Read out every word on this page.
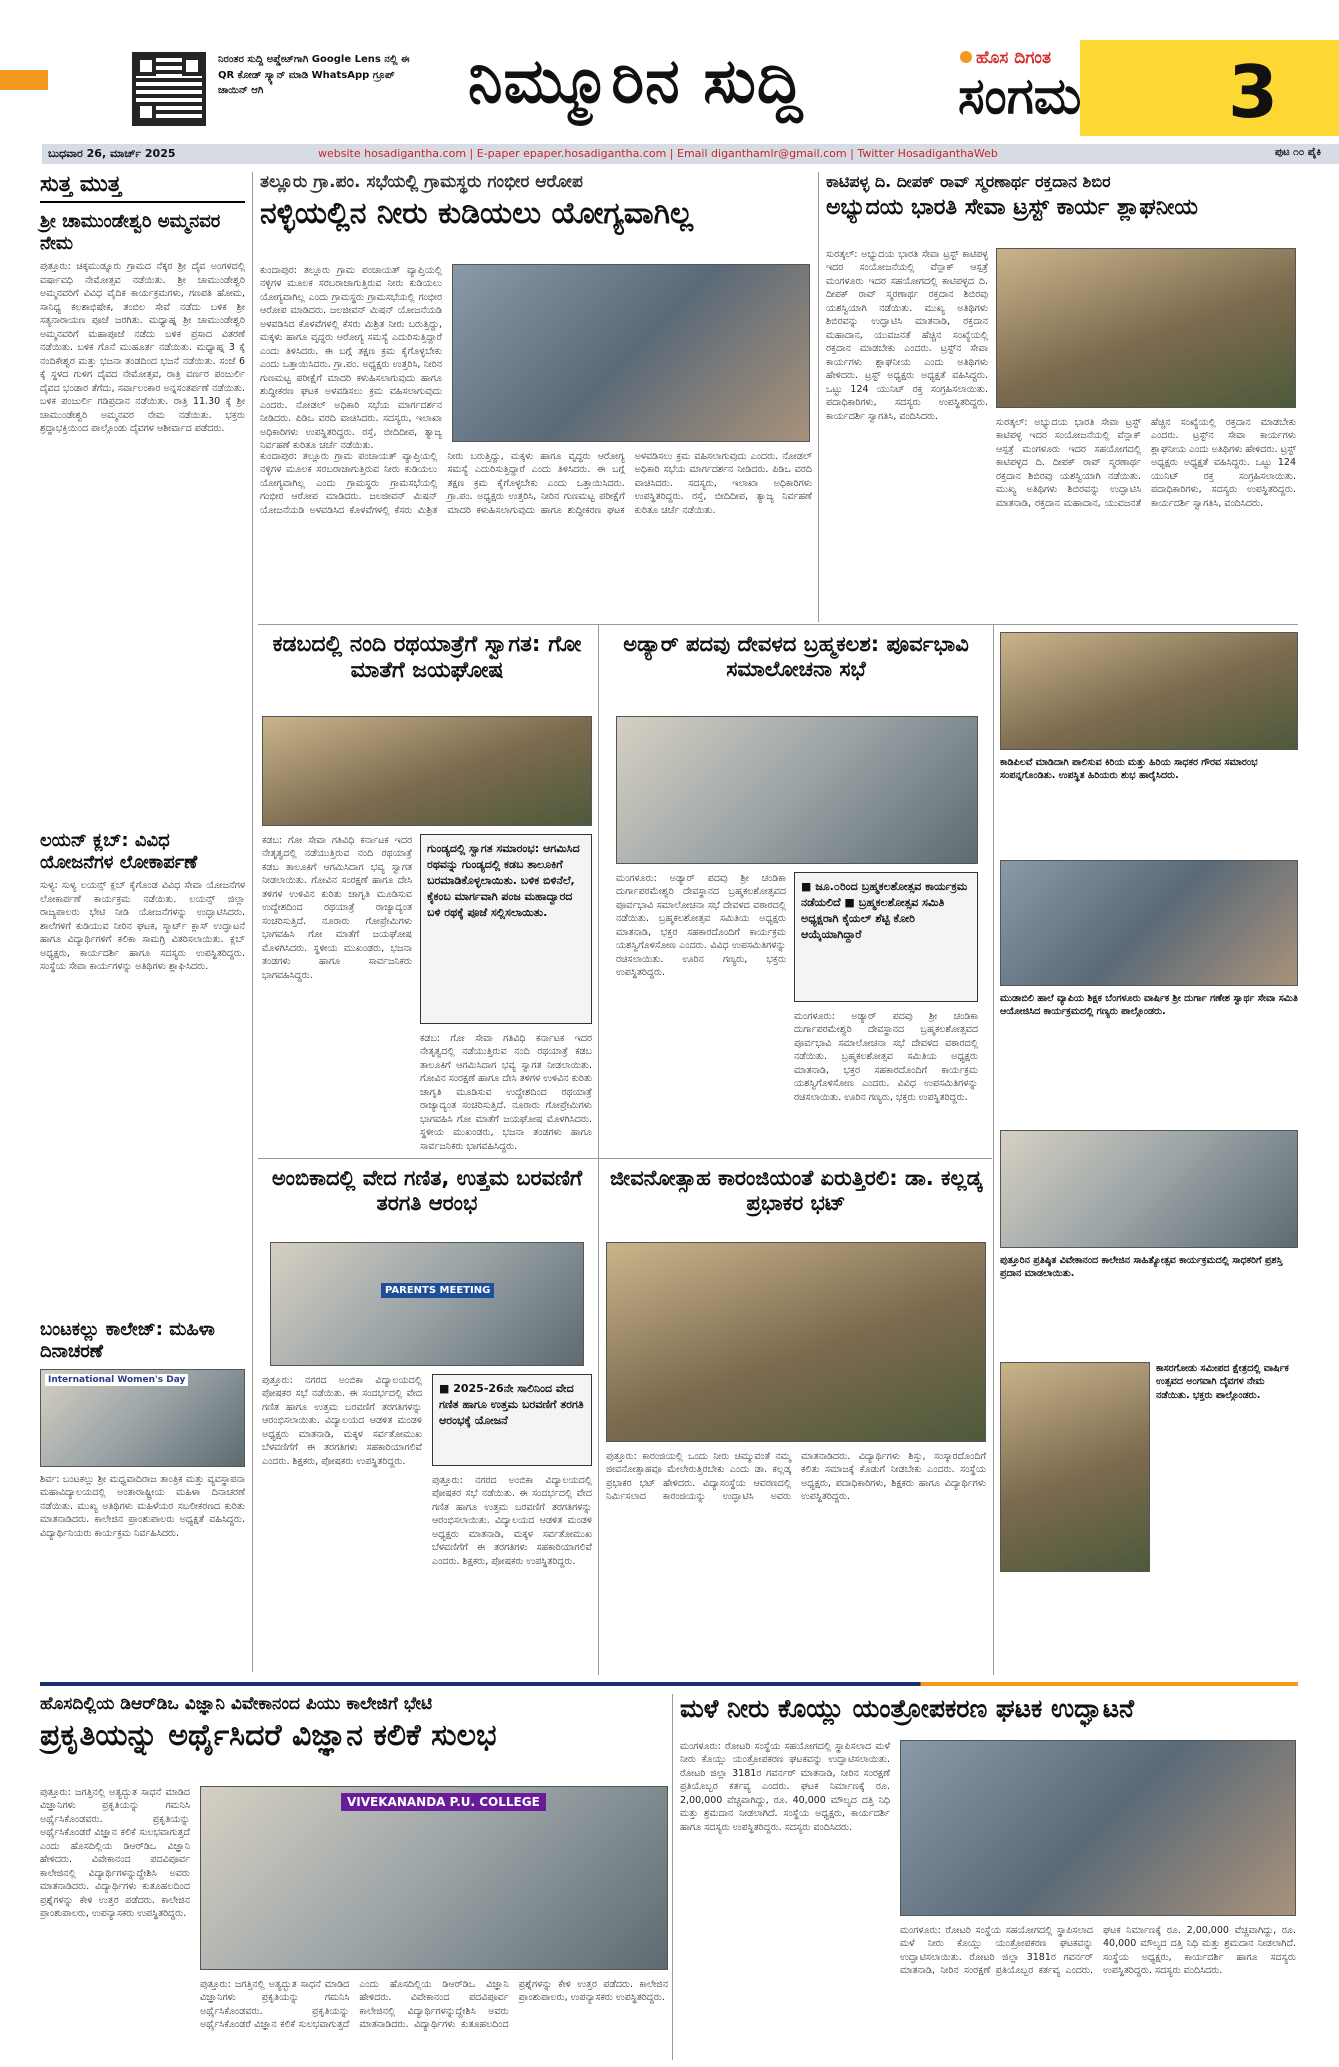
ನಿರಂತರ ಸುದ್ದಿ ಅಪ್ಡೇಟ್‌ಗಾಗಿ Google Lens ನಲ್ಲಿ ಈ QR ಕೋಡ್ ಸ್ಕ್ಯಾನ್ ಮಾಡಿ WhatsApp ಗ್ರೂಪ್ ಜಾಯಿನ್ ಆಗಿ	ನಿಮ್ಮೂರಿನ ಸುದ್ದಿ	ಹೊಸ ದಿಗಂತ
ಸಂಗಮ 3
ಬುಧವಾರ 26, ಮಾರ್ಚ್ 2025	website hosadigantha.com | E-paper epaper.hosadigantha.com | Email diganthamlr@gmail.com | Twitter HosadiganthaWeb	ಪುಟ ೧೦ ಪೈಕಿ
ಸುತ್ತ ಮುತ್ತ
ಶ್ರೀ ಚಾಮುಂಡೇಶ್ವರಿ ಅಮ್ಮನವರ ನೇಮ
ಪುತ್ತೂರು: ಚಿಕ್ಕಮುಡ್ನೂರು ಗ್ರಾಮದ ನೆಕ್ಕರ ಶ್ರೀ ದೈವ ಅಂಗಳದಲ್ಲಿ ವರ್ಷಾವಧಿ ನೇಮೋತ್ಸವ ನಡೆಯಿತು. ಶ್ರೀ ಚಾಮುಂಡೇಶ್ವರಿ ಅಮ್ಮನವರಿಗೆ ವಿವಿಧ ವೈದಿಕ ಕಾರ್ಯಕ್ರಮಗಳು, ಗಣಪತಿ ಹೋಮ, ಸಾನಿಧ್ಯ ಕಲಶಾಭಿಷೇಕ, ತಂಬಿಲ ಸೇವೆ ನಡೆದು ಬಳಿಕ ಶ್ರೀ ಸತ್ಯನಾರಾಯಣ ಪೂಜೆ ಜರಗಿತು. ಮಧ್ಯಾಹ್ನ ಶ್ರೀ ಚಾಮುಂಡೇಶ್ವರಿ ಅಮ್ಮನವರಿಗೆ ಮಹಾಪೂಜೆ ನಡೆದು ಬಳಿಕ ಪ್ರಸಾದ ವಿತರಣೆ ನಡೆಯಿತು. ಬಳಿಕ ಗೊನೆ ಮುಹೂರ್ತ ನಡೆಯಿತು. ಮಧ್ಯಾಹ್ನ 3 ಕ್ಕೆ ನಂದಿಕೇಶ್ವರ ಮತ್ತು ಭಜನಾ ತಂಡದಿಂದ ಭಜನೆ ನಡೆಯಿತು. ಸಂಜೆ 6 ಕ್ಕೆ ಸ್ಥಳದ ಗುಳಿಗ ದೈವದ ನೇಮೋತ್ಸವ, ರಾತ್ರಿ ವರ್ಣರ ಪಂಜುರ್ಲಿ ದೈವದ ಭಂಡಾರ ತೆಗೆದು, ಸರ್ವಾಲಂಕಾರ ಅನ್ನಸಂತರ್ಪಣೆ ನಡೆಯಿತು. ಬಳಿಕ ಪಂಜುರ್ಲಿ ಗಡಿಪ್ರದಾನ ನಡೆಯಿತು. ರಾತ್ರಿ 11.30 ಕ್ಕೆ ಶ್ರೀ ಚಾಮುಂಡೇಶ್ವರಿ ಅಮ್ಮನವರ ನೇಮ ನಡೆಯಿತು. ಭಕ್ತರು ಶ್ರದ್ಧಾಭಕ್ತಿಯಿಂದ ಪಾಲ್ಗೊಂಡು ದೈವಗಳ ಆಶೀರ್ವಾದ ಪಡೆದರು.
ಲಯನ್ ಕ್ಲಬ್: ವಿವಿಧ ಯೋಜನೆಗಳ ಲೋಕಾರ್ಪಣೆ
ಸುಳ್ಯ: ಸುಳ್ಯ ಲಯನ್ಸ್ ಕ್ಲಬ್ ಕೈಗೊಂಡ ವಿವಿಧ ಸೇವಾ ಯೋಜನೆಗಳ ಲೋಕಾರ್ಪಣೆ ಕಾರ್ಯಕ್ರಮ ನಡೆಯಿತು. ಲಯನ್ಸ್ ಜಿಲ್ಲಾ ರಾಜ್ಯಪಾಲರು ಭೇಟಿ ನೀಡಿ ಯೋಜನೆಗಳನ್ನು ಉದ್ಘಾಟಿಸಿದರು. ಶಾಲೆಗಳಿಗೆ ಕುಡಿಯುವ ನೀರಿನ ಘಟಕ, ಸ್ಮಾರ್ಟ್ ಕ್ಲಾಸ್ ಉದ್ಘಾಟನೆ ಹಾಗೂ ವಿದ್ಯಾರ್ಥಿಗಳಿಗೆ ಕಲಿಕಾ ಸಾಮಗ್ರಿ ವಿತರಿಸಲಾಯಿತು. ಕ್ಲಬ್ ಅಧ್ಯಕ್ಷರು, ಕಾರ್ಯದರ್ಶಿ ಹಾಗೂ ಸದಸ್ಯರು ಉಪಸ್ಥಿತರಿದ್ದರು. ಸಂಸ್ಥೆಯ ಸೇವಾ ಕಾರ್ಯಗಳನ್ನು ಅತಿಥಿಗಳು ಶ್ಲಾಘಿಸಿದರು.
ಬಂಟಕಲ್ಲು ಕಾಲೇಜ್: ಮಹಿಳಾ ದಿನಾಚರಣೆ
International Women's Day
ಶಿರ್ವ: ಬಂಟಕಲ್ಲು ಶ್ರೀ ಮಧ್ವವಾದಿರಾಜ ತಾಂತ್ರಿಕ ಮತ್ತು ವ್ಯವಸ್ಥಾಪನಾ ಮಹಾವಿದ್ಯಾಲಯದಲ್ಲಿ ಅಂತಾರಾಷ್ಟ್ರೀಯ ಮಹಿಳಾ ದಿನಾಚರಣೆ ನಡೆಯಿತು. ಮುಖ್ಯ ಅತಿಥಿಗಳು ಮಹಿಳೆಯರ ಸಬಲೀಕರಣದ ಕುರಿತು ಮಾತನಾಡಿದರು. ಕಾಲೇಜಿನ ಪ್ರಾಂಶುಪಾಲರು ಅಧ್ಯಕ್ಷತೆ ವಹಿಸಿದ್ದರು. ವಿದ್ಯಾರ್ಥಿನಿಯರು ಕಾರ್ಯಕ್ರಮ ನಿರ್ವಹಿಸಿದರು.
ತಲ್ಲೂರು ಗ್ರಾ.ಪಂ. ಸಭೆಯಲ್ಲಿ ಗ್ರಾಮಸ್ಥರು ಗಂಭೀರ ಆರೋಪ
ನಳ್ಳಿಯಲ್ಲಿನ ನೀರು ಕುಡಿಯಲು ಯೋಗ್ಯವಾಗಿಲ್ಲ
ಕುಂದಾಪುರ: ತಲ್ಲೂರು ಗ್ರಾಮ ಪಂಚಾಯತ್ ವ್ಯಾಪ್ತಿಯಲ್ಲಿ ನಳ್ಳಿಗಳ ಮೂಲಕ ಸರಬರಾಜಾಗುತ್ತಿರುವ ನೀರು ಕುಡಿಯಲು ಯೋಗ್ಯವಾಗಿಲ್ಲ ಎಂದು ಗ್ರಾಮಸ್ಥರು ಗ್ರಾಮಸಭೆಯಲ್ಲಿ ಗಂಭೀರ ಆರೋಪ ಮಾಡಿದರು. ಜಲಜೀವನ್ ಮಿಷನ್ ಯೋಜನೆಯಡಿ ಅಳವಡಿಸಿದ ಕೊಳವೆಗಳಲ್ಲಿ ಕೆಸರು ಮಿಶ್ರಿತ ನೀರು ಬರುತ್ತಿದ್ದು, ಮಕ್ಕಳು ಹಾಗೂ ವೃದ್ಧರು ಆರೋಗ್ಯ ಸಮಸ್ಯೆ ಎದುರಿಸುತ್ತಿದ್ದಾರೆ ಎಂದು ತಿಳಿಸಿದರು. ಈ ಬಗ್ಗೆ ತಕ್ಷಣ ಕ್ರಮ ಕೈಗೊಳ್ಳಬೇಕು ಎಂದು ಒತ್ತಾಯಿಸಿದರು. ಗ್ರಾ.ಪಂ. ಅಧ್ಯಕ್ಷರು ಉತ್ತರಿಸಿ, ನೀರಿನ ಗುಣಮಟ್ಟ ಪರೀಕ್ಷೆಗೆ ಮಾದರಿ ಕಳುಹಿಸಲಾಗುವುದು ಹಾಗೂ ಶುದ್ಧೀಕರಣ ಘಟಕ ಅಳವಡಿಸಲು ಕ್ರಮ ವಹಿಸಲಾಗುವುದು ಎಂದರು. ನೋಡಲ್ ಅಧಿಕಾರಿ ಸಭೆಯ ಮಾರ್ಗದರ್ಶನ ನೀಡಿದರು. ಪಿಡಿಒ ವರದಿ ವಾಚಿಸಿದರು. ಸದಸ್ಯರು, ಇಲಾಖಾ ಅಧಿಕಾರಿಗಳು ಉಪಸ್ಥಿತರಿದ್ದರು. ರಸ್ತೆ, ಬೀದಿದೀಪ, ತ್ಯಾಜ್ಯ ನಿರ್ವಹಣೆ ಕುರಿತೂ ಚರ್ಚೆ ನಡೆಯಿತು.
ಕುಂದಾಪುರ: ತಲ್ಲೂರು ಗ್ರಾಮ ಪಂಚಾಯತ್ ವ್ಯಾಪ್ತಿಯಲ್ಲಿ ನಳ್ಳಿಗಳ ಮೂಲಕ ಸರಬರಾಜಾಗುತ್ತಿರುವ ನೀರು ಕುಡಿಯಲು ಯೋಗ್ಯವಾಗಿಲ್ಲ ಎಂದು ಗ್ರಾಮಸ್ಥರು ಗ್ರಾಮಸಭೆಯಲ್ಲಿ ಗಂಭೀರ ಆರೋಪ ಮಾಡಿದರು. ಜಲಜೀವನ್ ಮಿಷನ್ ಯೋಜನೆಯಡಿ ಅಳವಡಿಸಿದ ಕೊಳವೆಗಳಲ್ಲಿ ಕೆಸರು ಮಿಶ್ರಿತ ನೀರು ಬರುತ್ತಿದ್ದು, ಮಕ್ಕಳು ಹಾಗೂ ವೃದ್ಧರು ಆರೋಗ್ಯ ಸಮಸ್ಯೆ ಎದುರಿಸುತ್ತಿದ್ದಾರೆ ಎಂದು ತಿಳಿಸಿದರು. ಈ ಬಗ್ಗೆ ತಕ್ಷಣ ಕ್ರಮ ಕೈಗೊಳ್ಳಬೇಕು ಎಂದು ಒತ್ತಾಯಿಸಿದರು. ಗ್ರಾ.ಪಂ. ಅಧ್ಯಕ್ಷರು ಉತ್ತರಿಸಿ, ನೀರಿನ ಗುಣಮಟ್ಟ ಪರೀಕ್ಷೆಗೆ ಮಾದರಿ ಕಳುಹಿಸಲಾಗುವುದು ಹಾಗೂ ಶುದ್ಧೀಕರಣ ಘಟಕ ಅಳವಡಿಸಲು ಕ್ರಮ ವಹಿಸಲಾಗುವುದು ಎಂದರು. ನೋಡಲ್ ಅಧಿಕಾರಿ ಸಭೆಯ ಮಾರ್ಗದರ್ಶನ ನೀಡಿದರು. ಪಿಡಿಒ ವರದಿ ವಾಚಿಸಿದರು. ಸದಸ್ಯರು, ಇಲಾಖಾ ಅಧಿಕಾರಿಗಳು ಉಪಸ್ಥಿತರಿದ್ದರು. ರಸ್ತೆ, ಬೀದಿದೀಪ, ತ್ಯಾಜ್ಯ ನಿರ್ವಹಣೆ ಕುರಿತೂ ಚರ್ಚೆ ನಡೆಯಿತು.
ಕಾಟಿಪಳ್ಳ ದಿ. ದೀಪಕ್ ರಾವ್ ಸ್ಮರಣಾರ್ಥ ರಕ್ತದಾನ ಶಿಬಿರ
ಅಭ್ಯುದಯ ಭಾರತಿ ಸೇವಾ ಟ್ರಸ್ಟ್ ಕಾರ್ಯ ಶ್ಲಾಘನೀಯ
ಸುರತ್ಕಲ್: ಅಭ್ಯುದಯ ಭಾರತಿ ಸೇವಾ ಟ್ರಸ್ಟ್ ಕಾಟಿಪಳ್ಳ ಇದರ ಸಂಯೋಜನೆಯಲ್ಲಿ ವೆನ್ಲಾಕ್ ಆಸ್ಪತ್ರೆ ಮಂಗಳೂರು ಇದರ ಸಹಯೋಗದಲ್ಲಿ ಕಾಟಿಪಳ್ಳದ ದಿ. ದೀಪಕ್ ರಾವ್ ಸ್ಮರಣಾರ್ಥ ರಕ್ತದಾನ ಶಿಬಿರವು ಯಶಸ್ವಿಯಾಗಿ ನಡೆಯಿತು. ಮುಖ್ಯ ಅತಿಥಿಗಳು ಶಿಬಿರವನ್ನು ಉದ್ಘಾಟಿಸಿ ಮಾತನಾಡಿ, ರಕ್ತದಾನ ಮಹಾದಾನ, ಯುವಜನತೆ ಹೆಚ್ಚಿನ ಸಂಖ್ಯೆಯಲ್ಲಿ ರಕ್ತದಾನ ಮಾಡಬೇಕು ಎಂದರು. ಟ್ರಸ್ಟ್‌ನ ಸೇವಾ ಕಾರ್ಯಗಳು ಶ್ಲಾಘನೀಯ ಎಂದು ಅತಿಥಿಗಳು ಹೇಳಿದರು. ಟ್ರಸ್ಟ್ ಅಧ್ಯಕ್ಷರು ಅಧ್ಯಕ್ಷತೆ ವಹಿಸಿದ್ದರು. ಒಟ್ಟು 124 ಯುನಿಟ್ ರಕ್ತ ಸಂಗ್ರಹಿಸಲಾಯಿತು. ಪದಾಧಿಕಾರಿಗಳು, ಸದಸ್ಯರು ಉಪಸ್ಥಿತರಿದ್ದರು. ಕಾರ್ಯದರ್ಶಿ ಸ್ವಾಗತಿಸಿ, ವಂದಿಸಿದರು.
ಸುರತ್ಕಲ್: ಅಭ್ಯುದಯ ಭಾರತಿ ಸೇವಾ ಟ್ರಸ್ಟ್ ಕಾಟಿಪಳ್ಳ ಇದರ ಸಂಯೋಜನೆಯಲ್ಲಿ ವೆನ್ಲಾಕ್ ಆಸ್ಪತ್ರೆ ಮಂಗಳೂರು ಇದರ ಸಹಯೋಗದಲ್ಲಿ ಕಾಟಿಪಳ್ಳದ ದಿ. ದೀಪಕ್ ರಾವ್ ಸ್ಮರಣಾರ್ಥ ರಕ್ತದಾನ ಶಿಬಿರವು ಯಶಸ್ವಿಯಾಗಿ ನಡೆಯಿತು. ಮುಖ್ಯ ಅತಿಥಿಗಳು ಶಿಬಿರವನ್ನು ಉದ್ಘಾಟಿಸಿ ಮಾತನಾಡಿ, ರಕ್ತದಾನ ಮಹಾದಾನ, ಯುವಜನತೆ ಹೆಚ್ಚಿನ ಸಂಖ್ಯೆಯಲ್ಲಿ ರಕ್ತದಾನ ಮಾಡಬೇಕು ಎಂದರು. ಟ್ರಸ್ಟ್‌ನ ಸೇವಾ ಕಾರ್ಯಗಳು ಶ್ಲಾಘನೀಯ ಎಂದು ಅತಿಥಿಗಳು ಹೇಳಿದರು. ಟ್ರಸ್ಟ್ ಅಧ್ಯಕ್ಷರು ಅಧ್ಯಕ್ಷತೆ ವಹಿಸಿದ್ದರು. ಒಟ್ಟು 124 ಯುನಿಟ್ ರಕ್ತ ಸಂಗ್ರಹಿಸಲಾಯಿತು. ಪದಾಧಿಕಾರಿಗಳು, ಸದಸ್ಯರು ಉಪಸ್ಥಿತರಿದ್ದರು. ಕಾರ್ಯದರ್ಶಿ ಸ್ವಾಗತಿಸಿ, ವಂದಿಸಿದರು.
ಕಡಬದಲ್ಲಿ ನಂದಿ ರಥಯಾತ್ರೆಗೆ ಸ್ವಾಗತ: ಗೋ ಮಾತೆಗೆ ಜಯಘೋಷ
ಕಡಬ: ಗೋ ಸೇವಾ ಗತಿವಿಧಿ ಕರ್ನಾಟಕ ಇದರ ನೇತೃತ್ವದಲ್ಲಿ ನಡೆಯುತ್ತಿರುವ ನಂದಿ ರಥಯಾತ್ರೆ ಕಡಬ ತಾಲೂಕಿಗೆ ಆಗಮಿಸಿದಾಗ ಭವ್ಯ ಸ್ವಾಗತ ನೀಡಲಾಯಿತು. ಗೋವಿನ ಸಂರಕ್ಷಣೆ ಹಾಗೂ ದೇಸಿ ತಳಿಗಳ ಉಳಿವಿನ ಕುರಿತು ಜಾಗೃತಿ ಮೂಡಿಸುವ ಉದ್ದೇಶದಿಂದ ರಥಯಾತ್ರೆ ರಾಜ್ಯಾದ್ಯಂತ ಸಂಚರಿಸುತ್ತಿದೆ. ನೂರಾರು ಗೋಪ್ರೇಮಿಗಳು ಭಾಗವಹಿಸಿ ಗೋ ಮಾತೆಗೆ ಜಯಘೋಷ ಮೊಳಗಿಸಿದರು. ಸ್ಥಳೀಯ ಮುಖಂಡರು, ಭಜನಾ ತಂಡಗಳು ಹಾಗೂ ಸಾರ್ವಜನಿಕರು ಭಾಗವಹಿಸಿದ್ದರು.
ಗುಂಡ್ಯದಲ್ಲಿ ಸ್ವಾಗತ ಸಮಾರಂಭ: ಆಗಮಿಸಿದ ರಥವನ್ನು ಗುಂಡ್ಯದಲ್ಲಿ ಕಡಬ ತಾಲೂಕಿಗೆ ಬರಮಾಡಿಕೊಳ್ಳಲಾಯಿತು. ಬಳಿಕ ಬಿಳಿನೆಲೆ, ಕೈಕಂಬ ಮಾರ್ಗವಾಗಿ ಪಂಜ ಮಹಾದ್ವಾರದ ಬಳಿ ರಥಕ್ಕೆ ಪೂಜೆ ಸಲ್ಲಿಸಲಾಯಿತು.
ಕಡಬ: ಗೋ ಸೇವಾ ಗತಿವಿಧಿ ಕರ್ನಾಟಕ ಇದರ ನೇತೃತ್ವದಲ್ಲಿ ನಡೆಯುತ್ತಿರುವ ನಂದಿ ರಥಯಾತ್ರೆ ಕಡಬ ತಾಲೂಕಿಗೆ ಆಗಮಿಸಿದಾಗ ಭವ್ಯ ಸ್ವಾಗತ ನೀಡಲಾಯಿತು. ಗೋವಿನ ಸಂರಕ್ಷಣೆ ಹಾಗೂ ದೇಸಿ ತಳಿಗಳ ಉಳಿವಿನ ಕುರಿತು ಜಾಗೃತಿ ಮೂಡಿಸುವ ಉದ್ದೇಶದಿಂದ ರಥಯಾತ್ರೆ ರಾಜ್ಯಾದ್ಯಂತ ಸಂಚರಿಸುತ್ತಿದೆ. ನೂರಾರು ಗೋಪ್ರೇಮಿಗಳು ಭಾಗವಹಿಸಿ ಗೋ ಮಾತೆಗೆ ಜಯಘೋಷ ಮೊಳಗಿಸಿದರು. ಸ್ಥಳೀಯ ಮುಖಂಡರು, ಭಜನಾ ತಂಡಗಳು ಹಾಗೂ ಸಾರ್ವಜನಿಕರು ಭಾಗವಹಿಸಿದ್ದರು.
ಅಡ್ಯಾರ್ ಪದವು ದೇವಳದ ಬ್ರಹ್ಮಕಲಶ: ಪೂರ್ವಭಾವಿ ಸಮಾಲೋಚನಾ ಸಭೆ
ಮಂಗಳೂರು: ಅಡ್ಯಾರ್ ಪದವು ಶ್ರೀ ಚಂಡಿಕಾ ದುರ್ಗಾಪರಮೇಶ್ವರಿ ದೇವಸ್ಥಾನದ ಬ್ರಹ್ಮಕಲಶೋತ್ಸವದ ಪೂರ್ವಭಾವಿ ಸಮಾಲೋಚನಾ ಸಭೆ ದೇವಳದ ವಠಾರದಲ್ಲಿ ನಡೆಯಿತು. ಬ್ರಹ್ಮಕಲಶೋತ್ಸವ ಸಮಿತಿಯ ಅಧ್ಯಕ್ಷರು ಮಾತನಾಡಿ, ಭಕ್ತರ ಸಹಕಾರದೊಂದಿಗೆ ಕಾರ್ಯಕ್ರಮ ಯಶಸ್ವಿಗೊಳಿಸೋಣ ಎಂದರು. ವಿವಿಧ ಉಪಸಮಿತಿಗಳನ್ನು ರಚಿಸಲಾಯಿತು. ಊರಿನ ಗಣ್ಯರು, ಭಕ್ತರು ಉಪಸ್ಥಿತರಿದ್ದರು.
■ ಜೂ.೦ರಿಂದ ಬ್ರಹ್ಮಕಲಶೋತ್ಸವ ಕಾರ್ಯಕ್ರಮ ನಡೆಯಲಿದೆ ■ ಬ್ರಹ್ಮಕಲಶೋತ್ಸವ ಸಮಿತಿ ಅಧ್ಯಕ್ಷರಾಗಿ ಕೈಯಲ್ ಶೆಟ್ಟಿ ಕೋರಿ ಆಯ್ಕೆಯಾಗಿದ್ದಾರೆ
ಮಂಗಳೂರು: ಅಡ್ಯಾರ್ ಪದವು ಶ್ರೀ ಚಂಡಿಕಾ ದುರ್ಗಾಪರಮೇಶ್ವರಿ ದೇವಸ್ಥಾನದ ಬ್ರಹ್ಮಕಲಶೋತ್ಸವದ ಪೂರ್ವಭಾವಿ ಸಮಾಲೋಚನಾ ಸಭೆ ದೇವಳದ ವಠಾರದಲ್ಲಿ ನಡೆಯಿತು. ಬ್ರಹ್ಮಕಲಶೋತ್ಸವ ಸಮಿತಿಯ ಅಧ್ಯಕ್ಷರು ಮಾತನಾಡಿ, ಭಕ್ತರ ಸಹಕಾರದೊಂದಿಗೆ ಕಾರ್ಯಕ್ರಮ ಯಶಸ್ವಿಗೊಳಿಸೋಣ ಎಂದರು. ವಿವಿಧ ಉಪಸಮಿತಿಗಳನ್ನು ರಚಿಸಲಾಯಿತು. ಊರಿನ ಗಣ್ಯರು, ಭಕ್ತರು ಉಪಸ್ಥಿತರಿದ್ದರು.
ಕಾಡಿಪಿಲವೆ ಮಾಡಿದಾಗಿ ಪಾಲಿಸುವ ಕಿರಿಯ ಮತ್ತು ಹಿರಿಯ ಸಾಧಕರ ಗೌರವ ಸಮಾರಂಭ ಸಂಪನ್ನಗೊಂಡಿತು. ಉಪಸ್ಥಿತ ಹಿರಿಯರು ಶುಭ ಹಾರೈಸಿದರು.
ಮುಡಾಬಿಲಿ ಹಾಲೆ ವ್ಯಾಪಿಯ ಶಿಕ್ಷಕ ಬೆಂಗಳೂರು ವಾರ್ಷಿಕ ಶ್ರೀ ದುರ್ಗಾ ಗಣೇಶ ಸ್ವಾರ್ಥ ಸೇವಾ ಸಮಿತಿ ಆಯೋಜಿಸಿದ ಕಾರ್ಯಕ್ರಮದಲ್ಲಿ ಗಣ್ಯರು ಪಾಲ್ಗೊಂಡರು.
ಪುತ್ತೂರಿನ ಪ್ರತಿಷ್ಠಿತ ವಿವೇಕಾನಂದ ಕಾಲೇಜಿನ ಸಾಹಿತ್ಯೋತ್ಸವ ಕಾರ್ಯಕ್ರಮದಲ್ಲಿ ಸಾಧಕರಿಗೆ ಪ್ರಶಸ್ತಿ ಪ್ರದಾನ ಮಾಡಲಾಯಿತು.
ಕಾಸರಗೋಡು ಸಮೀಪದ ಕ್ಷೇತ್ರದಲ್ಲಿ ವಾರ್ಷಿಕ ಉತ್ಸವದ ಅಂಗವಾಗಿ ದೈವಗಳ ನೇಮ ನಡೆಯಿತು. ಭಕ್ತರು ಪಾಲ್ಗೊಂಡರು.
ಅಂಬಿಕಾದಲ್ಲಿ ವೇದ ಗಣಿತ, ಉತ್ತಮ ಬರವಣಿಗೆ ತರಗತಿ ಆರಂಭ
PARENTS MEETING
ಪುತ್ತೂರು: ನಗರದ ಅಂಬಿಕಾ ವಿದ್ಯಾಲಯದಲ್ಲಿ ಪೋಷಕರ ಸಭೆ ನಡೆಯಿತು. ಈ ಸಂದರ್ಭದಲ್ಲಿ ವೇದ ಗಣಿತ ಹಾಗೂ ಉತ್ತಮ ಬರವಣಿಗೆ ತರಗತಿಗಳನ್ನು ಆರಂಭಿಸಲಾಯಿತು. ವಿದ್ಯಾಲಯದ ಆಡಳಿತ ಮಂಡಳಿ ಅಧ್ಯಕ್ಷರು ಮಾತನಾಡಿ, ಮಕ್ಕಳ ಸರ್ವತೋಮುಖ ಬೆಳವಣಿಗೆಗೆ ಈ ತರಗತಿಗಳು ಸಹಕಾರಿಯಾಗಲಿವೆ ಎಂದರು. ಶಿಕ್ಷಕರು, ಪೋಷಕರು ಉಪಸ್ಥಿತರಿದ್ದರು.
■ 2025-26ನೇ ಸಾಲಿನಿಂದ ವೇದ ಗಣಿತ ಹಾಗೂ ಉತ್ತಮ ಬರವಣಿಗೆ ತರಗತಿ ಆರಂಭಕ್ಕೆ ಯೋಜನೆ
ಪುತ್ತೂರು: ನಗರದ ಅಂಬಿಕಾ ವಿದ್ಯಾಲಯದಲ್ಲಿ ಪೋಷಕರ ಸಭೆ ನಡೆಯಿತು. ಈ ಸಂದರ್ಭದಲ್ಲಿ ವೇದ ಗಣಿತ ಹಾಗೂ ಉತ್ತಮ ಬರವಣಿಗೆ ತರಗತಿಗಳನ್ನು ಆರಂಭಿಸಲಾಯಿತು. ವಿದ್ಯಾಲಯದ ಆಡಳಿತ ಮಂಡಳಿ ಅಧ್ಯಕ್ಷರು ಮಾತನಾಡಿ, ಮಕ್ಕಳ ಸರ್ವತೋಮುಖ ಬೆಳವಣಿಗೆಗೆ ಈ ತರಗತಿಗಳು ಸಹಕಾರಿಯಾಗಲಿವೆ ಎಂದರು. ಶಿಕ್ಷಕರು, ಪೋಷಕರು ಉಪಸ್ಥಿತರಿದ್ದರು.
ಜೀವನೋತ್ಸಾಹ ಕಾರಂಜಿಯಂತೆ ಏರುತ್ತಿರಲಿ: ಡಾ. ಕಲ್ಲಡ್ಕ ಪ್ರಭಾಕರ ಭಟ್
ಪುತ್ತೂರು: ಕಾರಂಜಿಯಲ್ಲಿ ಒಂದು ನೀರು ಚಿಮ್ಮುವಂತೆ ನಮ್ಮ ಜೀವನೋತ್ಸಾಹವೂ ಮೇಲೇರುತ್ತಿರಬೇಕು ಎಂದು ಡಾ. ಕಲ್ಲಡ್ಕ ಪ್ರಭಾಕರ ಭಟ್ ಹೇಳಿದರು. ವಿದ್ಯಾಸಂಸ್ಥೆಯ ಆವರಣದಲ್ಲಿ ನಿರ್ಮಿಸಲಾದ ಕಾರಂಜಿಯನ್ನು ಉದ್ಘಾಟಿಸಿ ಅವರು ಮಾತನಾಡಿದರು. ವಿದ್ಯಾರ್ಥಿಗಳು ಶಿಸ್ತು, ಸಂಸ್ಕಾರದೊಂದಿಗೆ ಕಲಿತು ಸಮಾಜಕ್ಕೆ ಕೊಡುಗೆ ನೀಡಬೇಕು ಎಂದರು. ಸಂಸ್ಥೆಯ ಅಧ್ಯಕ್ಷರು, ಪದಾಧಿಕಾರಿಗಳು, ಶಿಕ್ಷಕರು ಹಾಗೂ ವಿದ್ಯಾರ್ಥಿಗಳು ಉಪಸ್ಥಿತರಿದ್ದರು.
ಹೊಸದಿಲ್ಲಿಯ ಡಿಆರ್‌ಡಿಒ ವಿಜ್ಞಾನಿ ವಿವೇಕಾನಂದ ಪಿಯು ಕಾಲೇಜಿಗೆ ಭೇಟಿ
ಪ್ರಕೃತಿಯನ್ನು ಅರ್ಥೈಸಿದರೆ ವಿಜ್ಞಾನ ಕಲಿಕೆ ಸುಲಭ
ಪುತ್ತೂರು: ಜಗತ್ತಿನಲ್ಲಿ ಅತ್ಯದ್ಭುತ ಸಾಧನೆ ಮಾಡಿದ ವಿಜ್ಞಾನಿಗಳು ಪ್ರಕೃತಿಯನ್ನು ಗಮನಿಸಿ ಅರ್ಥೈಸಿಕೊಂಡವರು. ಪ್ರಕೃತಿಯನ್ನು ಅರ್ಥೈಸಿಕೊಂಡರೆ ವಿಜ್ಞಾನ ಕಲಿಕೆ ಸುಲಭವಾಗುತ್ತದೆ ಎಂದು ಹೊಸದಿಲ್ಲಿಯ ಡಿಆರ್‌ಡಿಒ ವಿಜ್ಞಾನಿ ಹೇಳಿದರು. ವಿವೇಕಾನಂದ ಪದವಿಪೂರ್ವ ಕಾಲೇಜಿನಲ್ಲಿ ವಿದ್ಯಾರ್ಥಿಗಳನ್ನುದ್ದೇಶಿಸಿ ಅವರು ಮಾತನಾಡಿದರು. ವಿದ್ಯಾರ್ಥಿಗಳು ಕುತೂಹಲದಿಂದ ಪ್ರಶ್ನೆಗಳನ್ನು ಕೇಳಿ ಉತ್ತರ ಪಡೆದರು. ಕಾಲೇಜಿನ ಪ್ರಾಂಶುಪಾಲರು, ಉಪನ್ಯಾಸಕರು ಉಪಸ್ಥಿತರಿದ್ದರು.
VIVEKANANDA P.U. COLLEGE
ಪುತ್ತೂರು: ಜಗತ್ತಿನಲ್ಲಿ ಅತ್ಯದ್ಭುತ ಸಾಧನೆ ಮಾಡಿದ ವಿಜ್ಞಾನಿಗಳು ಪ್ರಕೃತಿಯನ್ನು ಗಮನಿಸಿ ಅರ್ಥೈಸಿಕೊಂಡವರು. ಪ್ರಕೃತಿಯನ್ನು ಅರ್ಥೈಸಿಕೊಂಡರೆ ವಿಜ್ಞಾನ ಕಲಿಕೆ ಸುಲಭವಾಗುತ್ತದೆ ಎಂದು ಹೊಸದಿಲ್ಲಿಯ ಡಿಆರ್‌ಡಿಒ ವಿಜ್ಞಾನಿ ಹೇಳಿದರು. ವಿವೇಕಾನಂದ ಪದವಿಪೂರ್ವ ಕಾಲೇಜಿನಲ್ಲಿ ವಿದ್ಯಾರ್ಥಿಗಳನ್ನುದ್ದೇಶಿಸಿ ಅವರು ಮಾತನಾಡಿದರು. ವಿದ್ಯಾರ್ಥಿಗಳು ಕುತೂಹಲದಿಂದ ಪ್ರಶ್ನೆಗಳನ್ನು ಕೇಳಿ ಉತ್ತರ ಪಡೆದರು. ಕಾಲೇಜಿನ ಪ್ರಾಂಶುಪಾಲರು, ಉಪನ್ಯಾಸಕರು ಉಪಸ್ಥಿತರಿದ್ದರು.
ಮಳೆ ನೀರು ಕೊಯ್ಲು ಯಂತ್ರೋಪಕರಣ ಘಟಕ ಉದ್ಘಾಟನೆ
ಮಂಗಳೂರು: ರೋಟರಿ ಸಂಸ್ಥೆಯ ಸಹಯೋಗದಲ್ಲಿ ಸ್ಥಾಪಿಸಲಾದ ಮಳೆ ನೀರು ಕೊಯ್ಲು ಯಂತ್ರೋಪಕರಣ ಘಟಕವನ್ನು ಉದ್ಘಾಟಿಸಲಾಯಿತು. ರೋಟರಿ ಜಿಲ್ಲಾ 3181ರ ಗವರ್ನರ್ ಮಾತನಾಡಿ, ನೀರಿನ ಸಂರಕ್ಷಣೆ ಪ್ರತಿಯೊಬ್ಬರ ಕರ್ತವ್ಯ ಎಂದರು. ಘಟಕ ನಿರ್ಮಾಣಕ್ಕೆ ರೂ. 2,00,000 ವೆಚ್ಚವಾಗಿದ್ದು, ರೂ. 40,000 ಮೌಲ್ಯದ ದತ್ತಿ ನಿಧಿ ಮತ್ತು ಶ್ರಮದಾನ ನೀಡಲಾಗಿದೆ. ಸಂಸ್ಥೆಯ ಅಧ್ಯಕ್ಷರು, ಕಾರ್ಯದರ್ಶಿ ಹಾಗೂ ಸದಸ್ಯರು ಉಪಸ್ಥಿತರಿದ್ದರು. ಸದಸ್ಯರು ವಂದಿಸಿದರು.
ಮಂಗಳೂರು: ರೋಟರಿ ಸಂಸ್ಥೆಯ ಸಹಯೋಗದಲ್ಲಿ ಸ್ಥಾಪಿಸಲಾದ ಮಳೆ ನೀರು ಕೊಯ್ಲು ಯಂತ್ರೋಪಕರಣ ಘಟಕವನ್ನು ಉದ್ಘಾಟಿಸಲಾಯಿತು. ರೋಟರಿ ಜಿಲ್ಲಾ 3181ರ ಗವರ್ನರ್ ಮಾತನಾಡಿ, ನೀರಿನ ಸಂರಕ್ಷಣೆ ಪ್ರತಿಯೊಬ್ಬರ ಕರ್ತವ್ಯ ಎಂದರು. ಘಟಕ ನಿರ್ಮಾಣಕ್ಕೆ ರೂ. 2,00,000 ವೆಚ್ಚವಾಗಿದ್ದು, ರೂ. 40,000 ಮೌಲ್ಯದ ದತ್ತಿ ನಿಧಿ ಮತ್ತು ಶ್ರಮದಾನ ನೀಡಲಾಗಿದೆ. ಸಂಸ್ಥೆಯ ಅಧ್ಯಕ್ಷರು, ಕಾರ್ಯದರ್ಶಿ ಹಾಗೂ ಸದಸ್ಯರು ಉಪಸ್ಥಿತರಿದ್ದರು. ಸದಸ್ಯರು ವಂದಿಸಿದರು.
